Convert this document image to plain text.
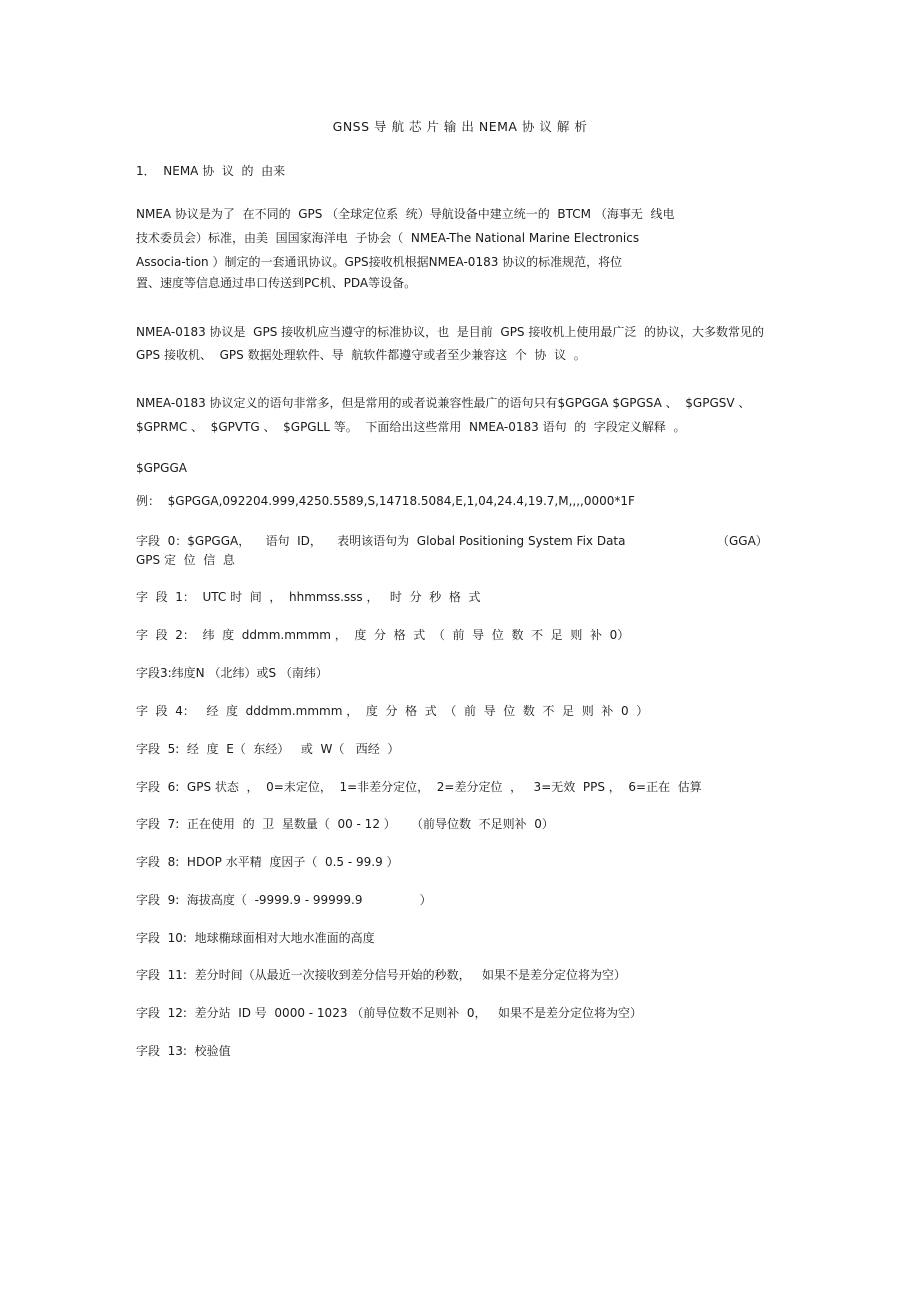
GNSS 导 航 芯 片 输 出 NEMA 协 议 解 析
1．  NEMA 协  议  的  由来
NMEA 协议是为了  在不同的  GPS （全球定位系  统）导航设备中建立统一的  BTCM （海事无  线电
技术委员会）标准，由美  国国家海洋电  子协会（  NMEA-The National Marine Electronics
Associa-tion ）制定的一套通讯协议。GPS接收机根据NMEA-0183 协议的标准规范，将位
置、速度等信息通过串口传送到PC机、PDA等设备。
NMEA-0183 协议是  GPS 接收机应当遵守的标准协议，也  是目前  GPS 接收机上使用最广泛  的协议，大多数常见的
GPS 接收机、  GPS 数据处理软件、导  航软件都遵守或者至少兼容这  个  协  议  。
NMEA-0183 协议定义的语句非常多，但是常用的或者说兼容性最广的语句只有$GPGGA $GPGSA 、  $GPGSV 、
$GPRMC 、  $GPVTG 、  $GPGLL 等。  下面给出这些常用  NMEA-0183 语句  的  字段定义解释  。
$GPGGA
例：  $GPGGA,092204.999,4250.5589,S,14718.5084,E,1,04,24.4,19.7,M,,,,0000*1F
字段  0：$GPGGA，    语句  ID，    表明该语句为  Global Positioning System Fix Data	（GGA）
GPS 定  位  信  息
字  段  1：  UTC 时  间  ，  hhmmss.sss ，   时  分  秒  格  式
字  段  2：  纬  度  ddmm.mmmm ，  度  分  格  式  （  前  导  位  数  不  足  则  补  0）
字段3:纬度N （北纬）或S （南纬）
字  段  4：   经  度  dddmm.mmmm ，  度  分  格  式  （  前  导  位  数  不  足  则  补  0  ）
字段  5:  经  度  E（  东经）   或  W（   西经  ）
字段  6:  GPS 状态  ，  0=未定位，  1=非差分定位，  2=差分定位  ，   3=无效  PPS ，  6=正在  估算
字段  7:  正在使用  的  卫  星数量（  00 - 12 ）    （前导位数  不足则补  0）
字段  8:  HDOP 水平精  度因子（  0.5 - 99.9 ）
字段  9:  海拔高度（  -9999.9 - 99999.9               ）
字段  10:  地球椭球面相对大地水准面的高度
字段  11:  差分时间（从最近一次接收到差分信号开始的秒数，   如果不是差分定位将为空）
字段  12:  差分站  ID 号  0000 - 1023 （前导位数不足则补  0，   如果不是差分定位将为空）
字段  13:  校验值
